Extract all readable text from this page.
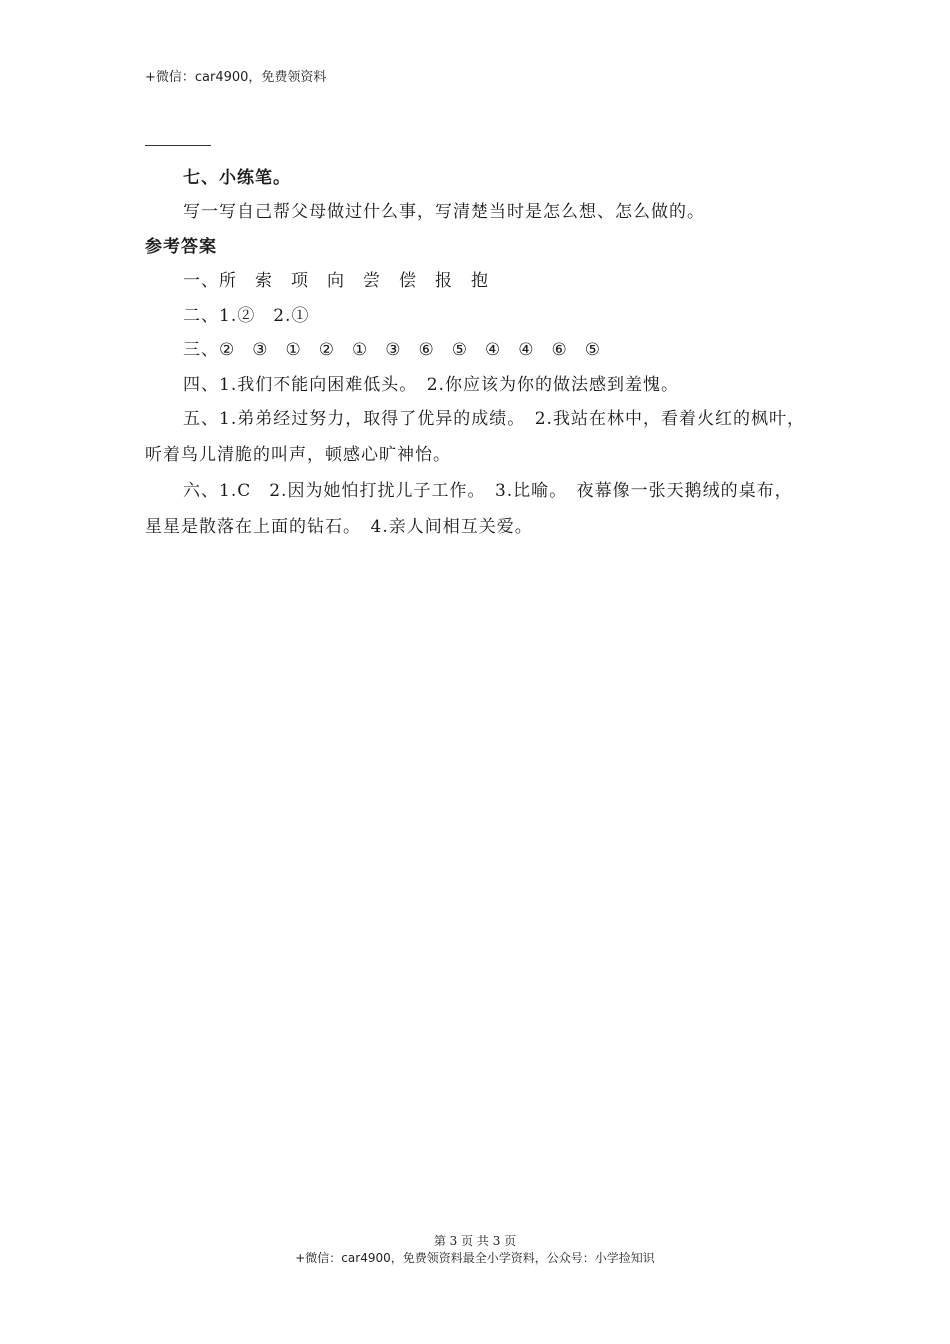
+微信：car4900，免费领资料
七、小练笔。
写一写自己帮父母做过什么事，写清楚当时是怎么想、怎么做的。
参考答案
一、所 索 项 向 尝 偿 报 抱
二、1.②　2.①
三、② ③ ① ② ① ③ ⑥ ⑤ ④ ④ ⑥ ⑤
四、1.我们不能向困难低头。　2.你应该为你的做法感到羞愧。
五、1.弟弟经过努力，取得了优异的成绩。　2.我站在林中，看着火红的枫叶，
听着鸟儿清脆的叫声，顿感心旷神怡。
六、1.C　2.因为她怕打扰儿子工作。　3.比喻。　夜幕像一张天鹅绒的桌布，
星星是散落在上面的钻石。　4.亲人间相互关爱。
第 3 页 共 3 页
+微信：car4900，免费领资料最全小学资料，公众号：小学捡知识
